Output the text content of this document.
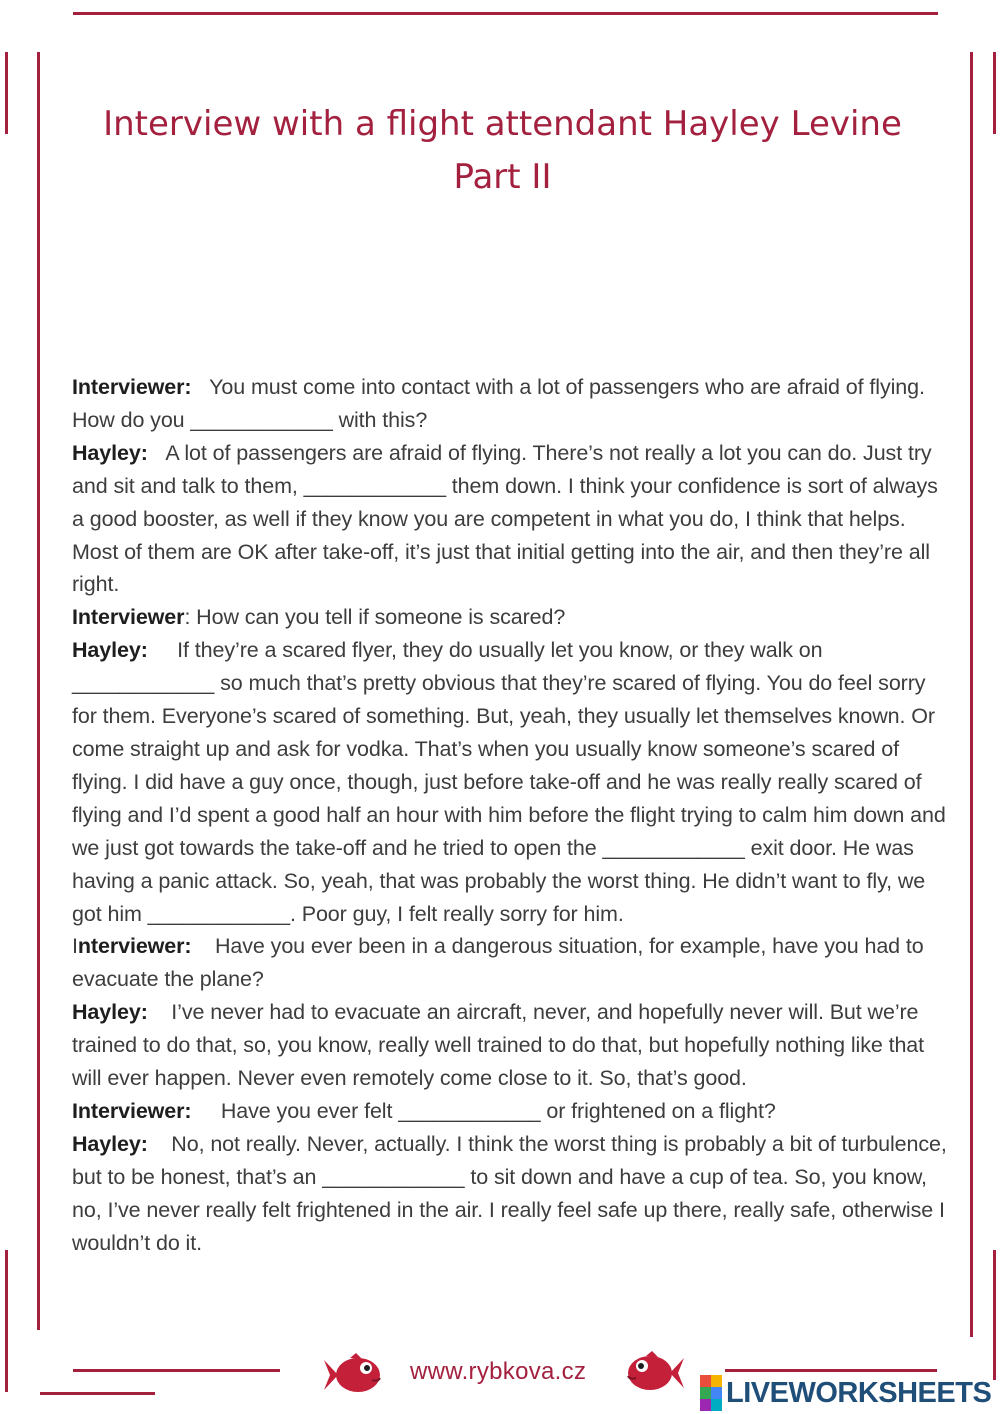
Interview with a flight attendant Hayley Levine
Part II

Interviewer: You must come into contact with a lot of passengers who are afraid of flying. How do you ____________ with this?

Hayley: A lot of passengers are afraid of flying. There’s not really a lot you can do. Just try and sit and talk to them, ____________ them down. I think your confidence is sort of always a good booster, as well if they know you are competent in what you do, I think that helps. Most of them are OK after take-off, it’s just that initial getting into the air, and then they’re all right.

Interviewer: How can you tell if someone is scared?

Hayley: If they’re a scared flyer, they do usually let you know, or they walk on ____________ so much that’s pretty obvious that they’re scared of flying. You do feel sorry for them. Everyone’s scared of something. But, yeah, they usually let themselves known. Or come straight up and ask for vodka. That’s when you usually know someone’s scared of flying. I did have a guy once, though, just before take-off and he was really really scared of flying and I’d spent a good half an hour with him before the flight trying to calm him down and we just got towards the take-off and he tried to open the ____________ exit door. He was having a panic attack. So, yeah, that was probably the worst thing. He didn’t want to fly, we got him ____________. Poor guy, I felt really sorry for him.

Interviewer: Have you ever been in a dangerous situation, for example, have you had to evacuate the plane?

Hayley: I’ve never had to evacuate an aircraft, never, and hopefully never will. But we’re trained to do that, so, you know, really well trained to do that, but hopefully nothing like that will ever happen. Never even remotely come close to it. So, that’s good.

Interviewer: Have you ever felt ____________ or frightened on a flight?

Hayley: No, not really. Never, actually. I think the worst thing is probably a bit of turbulence, but to be honest, that’s an ____________ to sit down and have a cup of tea. So, you know, no, I’ve never really felt frightened in the air. I really feel safe up there, really safe, otherwise I wouldn’t do it.

www.rybkova.cz
LIVEWORKSHEETS
